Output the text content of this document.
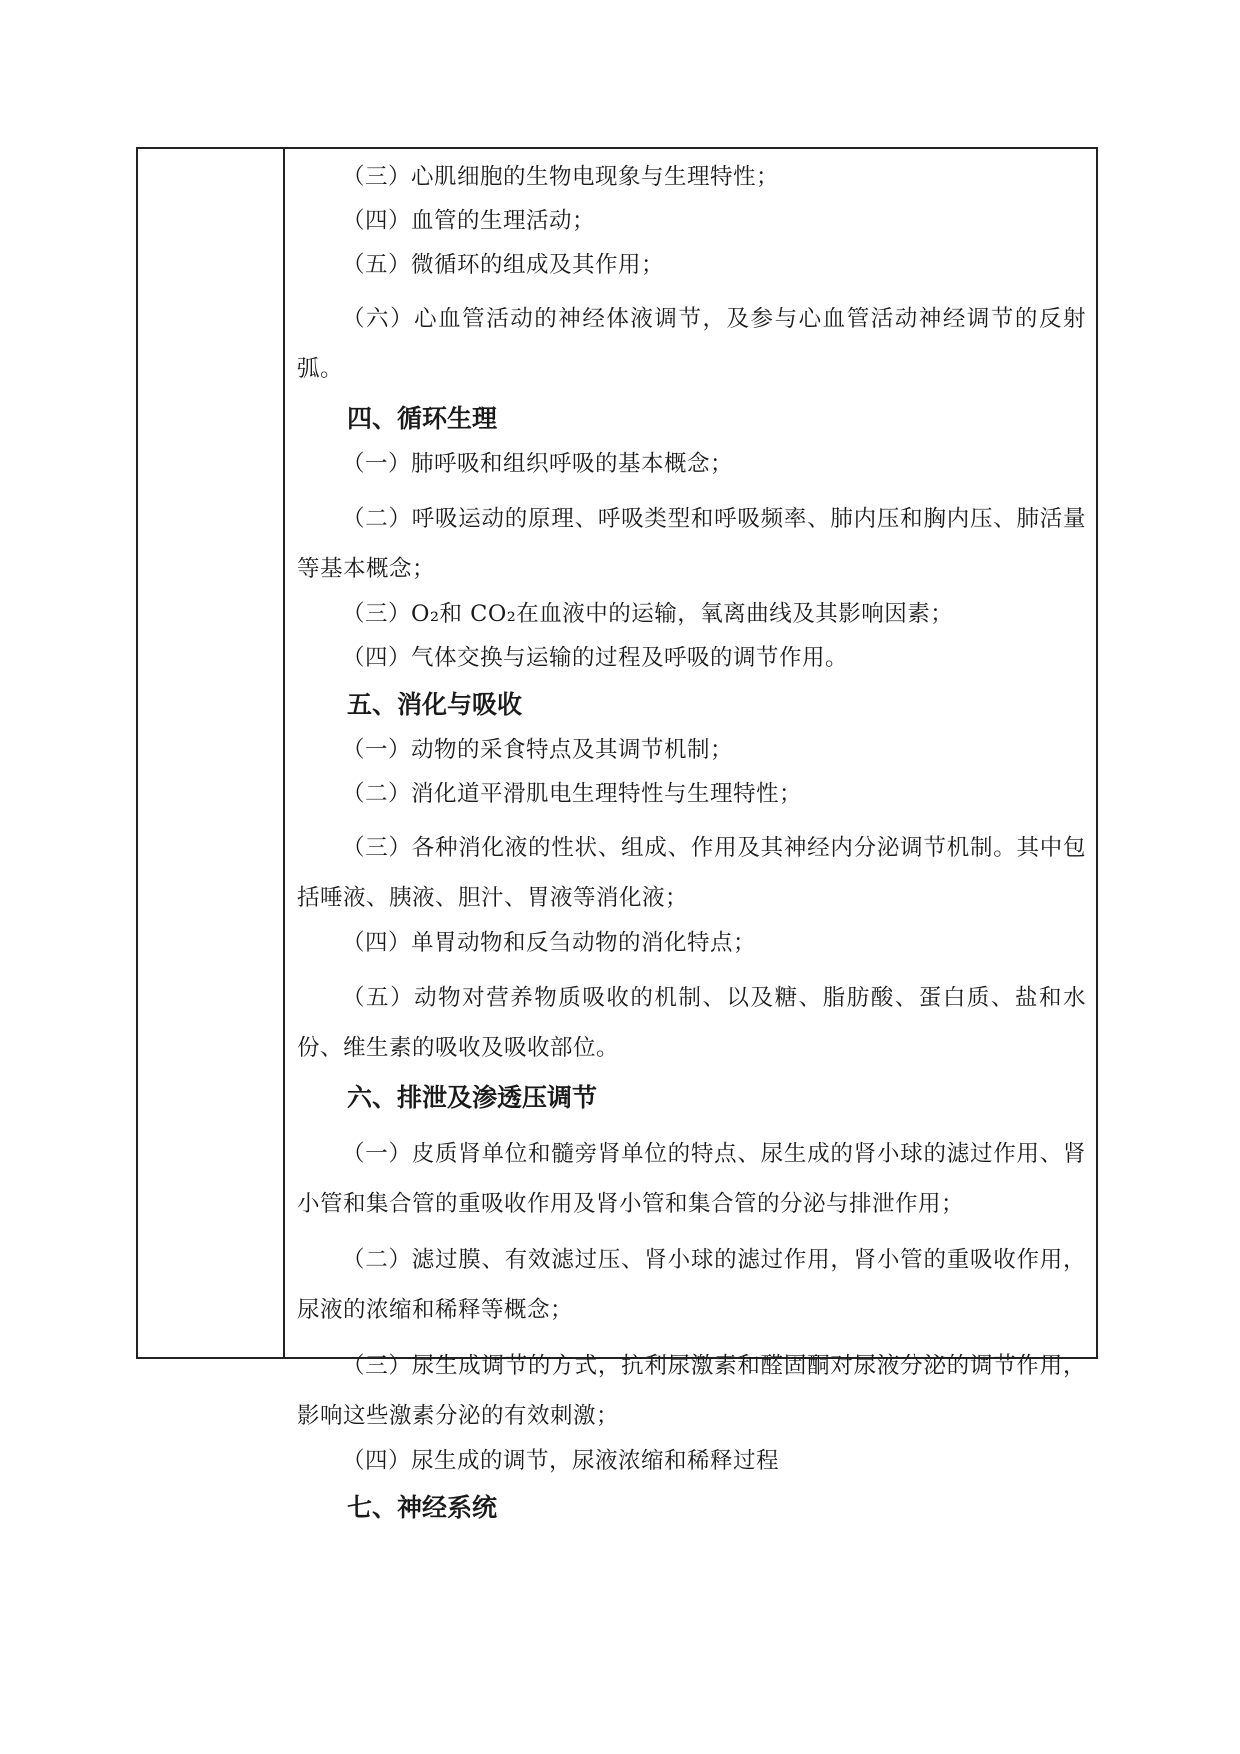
（三）心肌细胞的生物电现象与生理特性；

（四）血管的生理活动；

（五）微循环的组成及其作用；

（六）心血管活动的神经体液调节，及参与心血管活动神经调节的反射弧。

四、循环生理

（一）肺呼吸和组织呼吸的基本概念；

（二）呼吸运动的原理、呼吸类型和呼吸频率、肺内压和胸内压、肺活量等基本概念；

（三）O₂和 CO₂在血液中的运输，氧离曲线及其影响因素；

（四）气体交换与运输的过程及呼吸的调节作用。

五、消化与吸收

（一）动物的采食特点及其调节机制；

（二）消化道平滑肌电生理特性与生理特性；

（三）各种消化液的性状、组成、作用及其神经内分泌调节机制。其中包括唾液、胰液、胆汁、胃液等消化液；

（四）单胃动物和反刍动物的消化特点；

（五）动物对营养物质吸收的机制、以及糖、脂肪酸、蛋白质、盐和水份、维生素的吸收及吸收部位。

六、排泄及渗透压调节

（一）皮质肾单位和髓旁肾单位的特点、尿生成的肾小球的滤过作用、肾小管和集合管的重吸收作用及肾小管和集合管的分泌与排泄作用；

（二）滤过膜、有效滤过压、肾小球的滤过作用，肾小管的重吸收作用，尿液的浓缩和稀释等概念；

（三）尿生成调节的方式，抗利尿激素和醛固酮对尿液分泌的调节作用，影响这些激素分泌的有效刺激；

（四）尿生成的调节，尿液浓缩和稀释过程

七、神经系统
